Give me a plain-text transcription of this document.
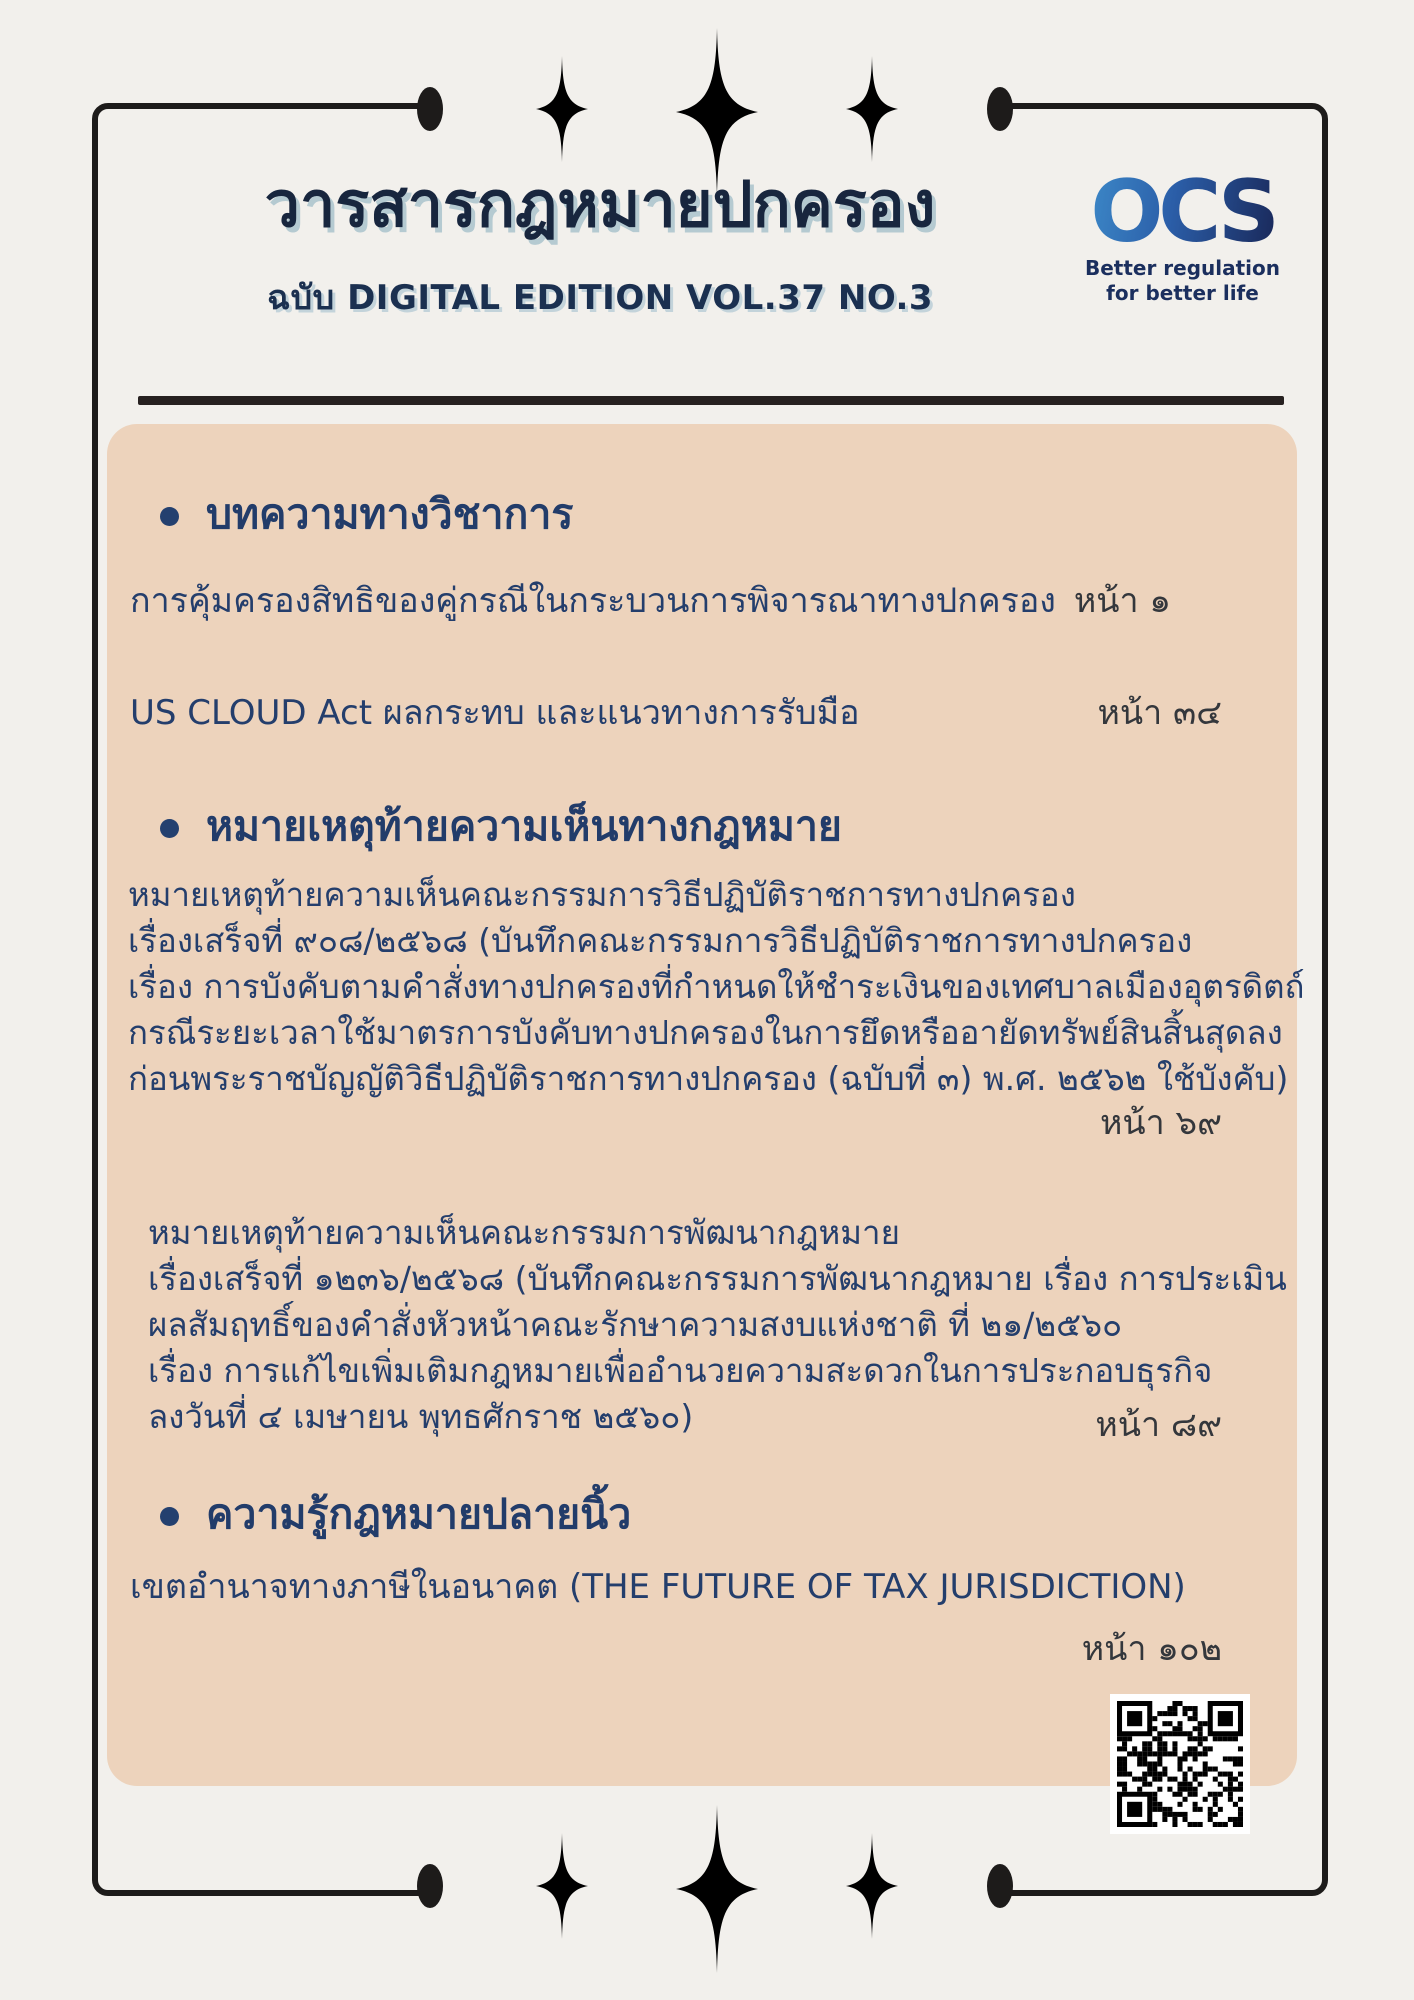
วารสารกฎหมายปกครอง
ฉบับ DIGITAL EDITION VOL.37 NO.3
OCS
Better regulation
for better life
บทความทางวิชาการ
การคุ้มครองสิทธิของคู่กรณีในกระบวนการพิจารณาทางปกครอง หน้า ๑
US CLOUD Act ผลกระทบ และแนวทางการรับมือ	หน้า ๓๔
หมายเหตุท้ายความเห็นทางกฎหมาย
หมายเหตุท้ายความเห็นคณะกรรมการวิธีปฏิบัติราชการทางปกครอง
เรื่องเสร็จที่ ๙๐๘/๒๕๖๘ (บันทึกคณะกรรมการวิธีปฏิบัติราชการทางปกครอง
เรื่อง การบังคับตามคำสั่งทางปกครองที่กำหนดให้ชำระเงินของเทศบาลเมืองอุตรดิตถ์
กรณีระยะเวลาใช้มาตรการบังคับทางปกครองในการยึดหรืออายัดทรัพย์สินสิ้นสุดลง
ก่อนพระราชบัญญัติวิธีปฏิบัติราชการทางปกครอง (ฉบับที่ ๓) พ.ศ. ๒๕๖๒ ใช้บังคับ)
หน้า ๖๙
หมายเหตุท้ายความเห็นคณะกรรมการพัฒนากฎหมาย
เรื่องเสร็จที่ ๑๒๓๖/๒๕๖๘ (บันทึกคณะกรรมการพัฒนากฎหมาย เรื่อง การประเมิน
ผลสัมฤทธิ์ของคำสั่งหัวหน้าคณะรักษาความสงบแห่งชาติ ที่ ๒๑/๒๕๖๐
เรื่อง การแก้ไขเพิ่มเติมกฎหมายเพื่ออำนวยความสะดวกในการประกอบธุรกิจ
ลงวันที่ ๔ เมษายน พุทธศักราช ๒๕๖๐)	หน้า ๘๙
ความรู้กฎหมายปลายนิ้ว
เขตอำนาจทางภาษีในอนาคต (THE FUTURE OF TAX JURISDICTION)
หน้า ๑๐๒
